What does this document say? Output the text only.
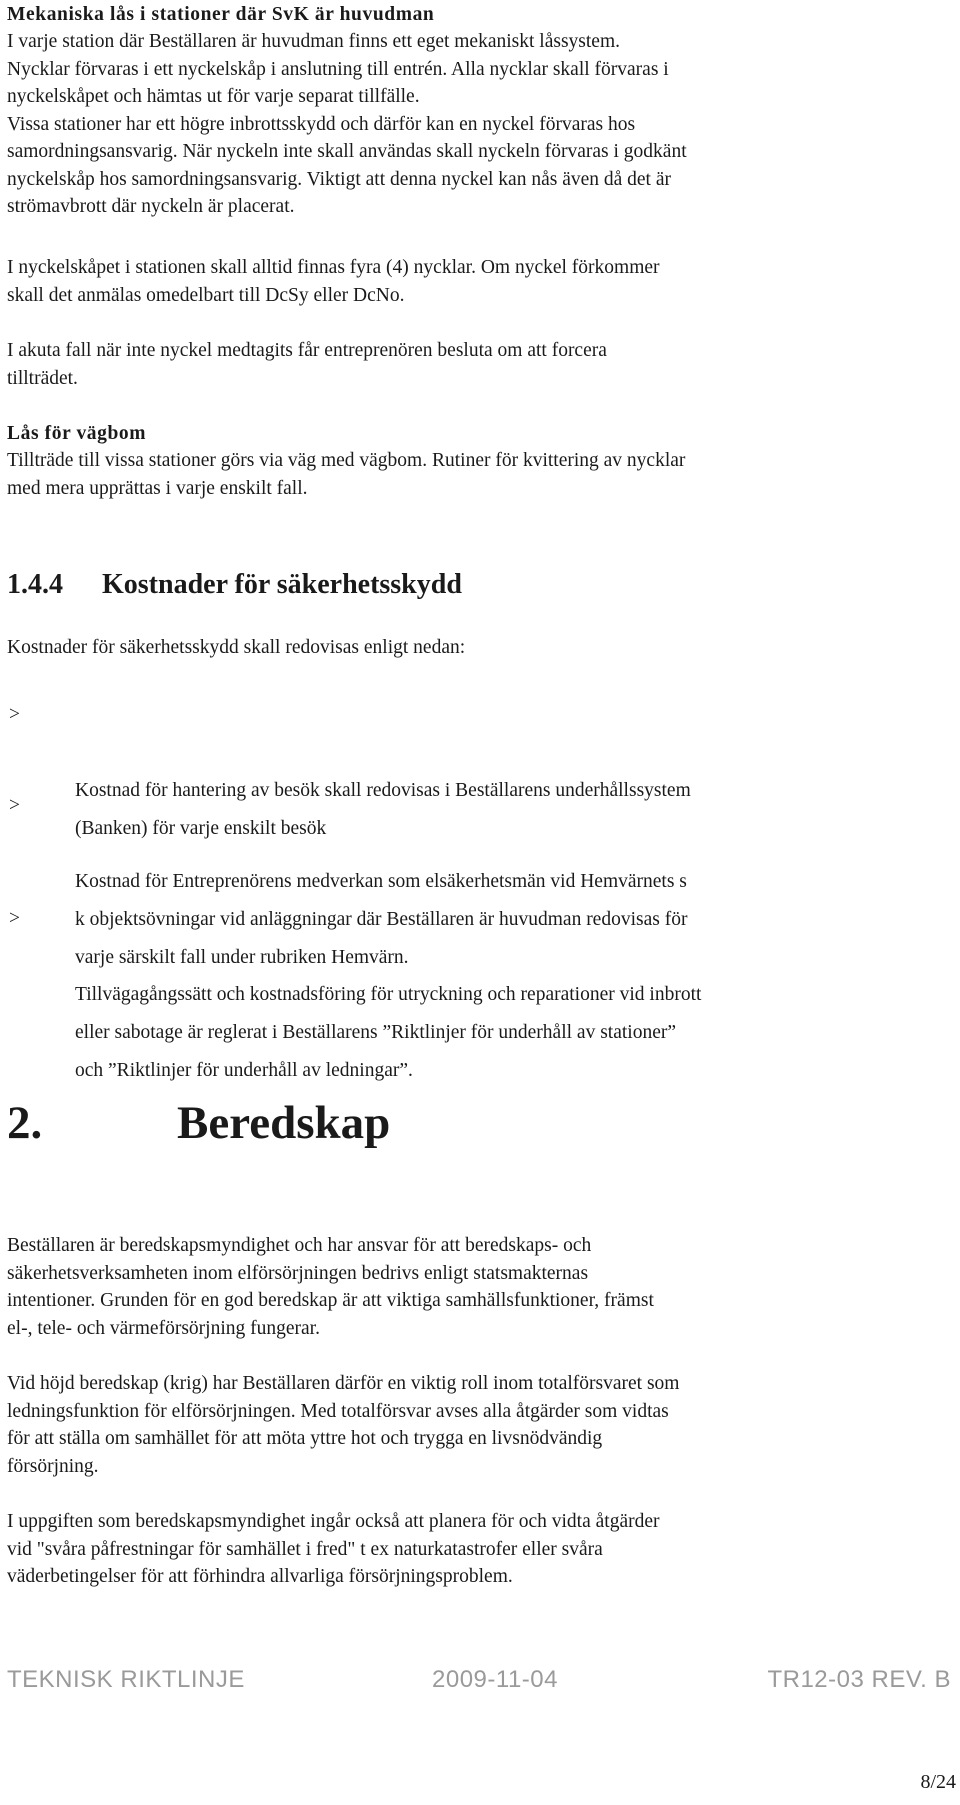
Mekaniska lås i stationer där SvK är huvudman

I varje station där Beställaren är huvudman finns ett eget mekaniskt låssystem.
Nycklar förvaras i ett nyckelskåp i anslutning till entrén. Alla nycklar skall förvaras i
nyckelskåpet och hämtas ut för varje separat tillfälle.
Vissa stationer har ett högre inbrottsskydd och därför kan en nyckel förvaras hos
samordningsansvarig. När nyckeln inte skall användas skall nyckeln förvaras i godkänt
nyckelskåp hos samordningsansvarig. Viktigt att denna nyckel kan nås även då det är
strömavbrott där nyckeln är placerat.

I nyckelskåpet i stationen skall alltid finnas fyra (4) nycklar. Om nyckel förkommer
skall det anmälas omedelbart till DcSy eller DcNo.

I akuta fall när inte nyckel medtagits får entreprenören besluta om att forcera
tillträdet.

Lås för vägbom

Tillträde till vissa stationer görs via väg med vägbom. Rutiner för kvittering av nycklar
med mera upprättas i varje enskilt fall.

1.4.4 Kostnader för säkerhetsskydd

Kostnader för säkerhetsskydd skall redovisas enligt nedan:

>

Kostnad för hantering av besök skall redovisas i Beställarens underhållssystem
(Banken) för varje enskilt besök

>

Kostnad för Entreprenörens medverkan som elsäkerhetsmän vid Hemvärnets s
k objektsövningar vid anläggningar där Beställaren är huvudman redovisas för
varje särskilt fall under rubriken Hemvärn.

>

Tillvägagångssätt och kostnadsföring för utryckning och reparationer vid inbrott
eller sabotage är reglerat i Beställarens ”Riktlinjer för underhåll av stationer”
och ”Riktlinjer för underhåll av ledningar”.

2.	Beredskap

Beställaren är beredskapsmyndighet och har ansvar för att beredskaps- och
säkerhetsverksamheten inom elförsörjningen bedrivs enligt statsmakternas
intentioner. Grunden för en god beredskap är att viktiga samhällsfunktioner, främst
el-, tele- och värmeförsörjning fungerar.

Vid höjd beredskap (krig) har Beställaren därför en viktig roll inom totalförsvaret som
ledningsfunktion för elförsörjningen. Med totalförsvar avses alla åtgärder som vidtas
för att ställa om samhället för att möta yttre hot och trygga en livsnödvändig
försörjning.

I uppgiften som beredskapsmyndighet ingår också att planera för och vidta åtgärder
vid "svåra påfrestningar för samhället i fred" t ex naturkatastrofer eller svåra
väderbetingelser för att förhindra allvarliga försörjningsproblem.

TEKNISK RIKTLINJE	2009-11-04	TR12-03 REV. B
8/24
